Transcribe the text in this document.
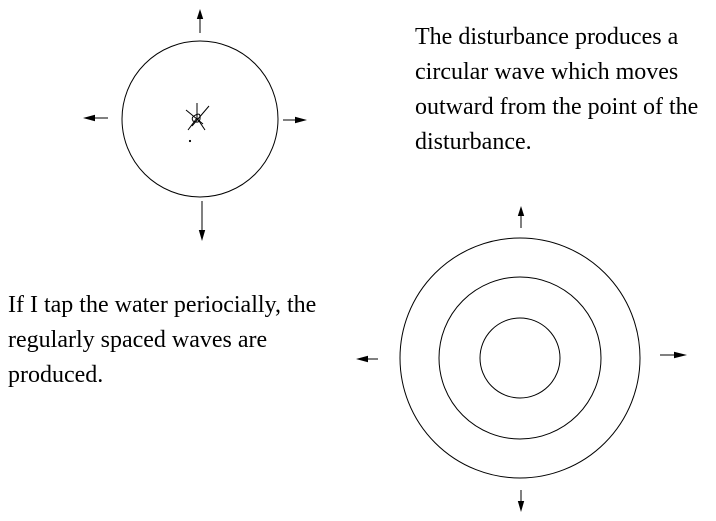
The disturbance produces a
circular wave which moves
outward from the point of the
disturbance.
If I tap the water periocially, the
regularly spaced waves are
produced.
